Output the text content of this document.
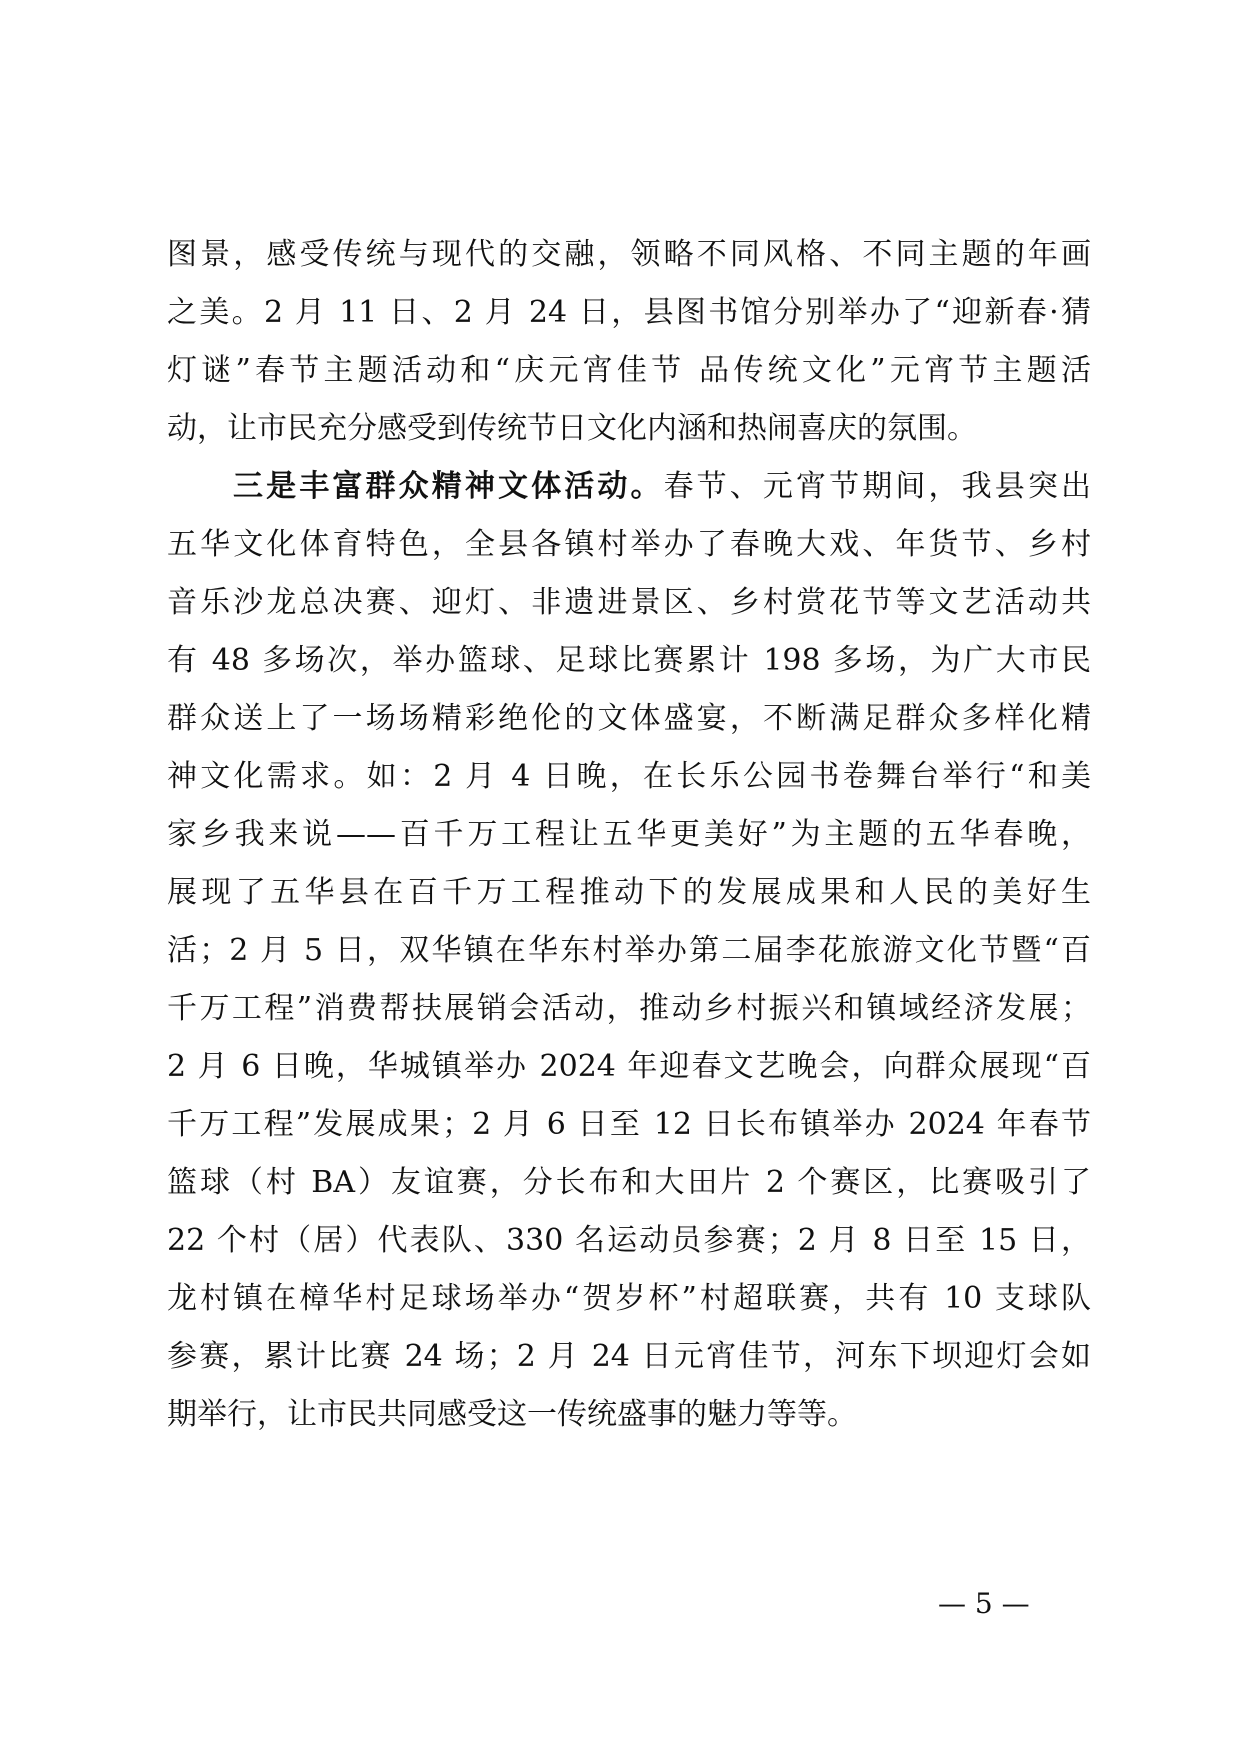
图景，感受传统与现代的交融，领略不同风格、不同主题的年画
之美。2 月 11 日、2 月 24 日，县图书馆分别举办了“迎新春·猜
灯谜”春节主题活动和“庆元宵佳节 品传统文化”元宵节主题活
动，让市民充分感受到传统节日文化内涵和热闹喜庆的氛围。
三是丰富群众精神文体活动。春节、元宵节期间，我县突出
五华文化体育特色，全县各镇村举办了春晚大戏、年货节、乡村
音乐沙龙总决赛、迎灯、非遗进景区、乡村赏花节等文艺活动共
有 48 多场次，举办篮球、足球比赛累计 198 多场，为广大市民
群众送上了一场场精彩绝伦的文体盛宴，不断满足群众多样化精
神文化需求。如：2 月 4 日晚，在长乐公园书卷舞台举行“和美
家乡我来说——百千万工程让五华更美好”为主题的五华春晚，
展现了五华县在百千万工程推动下的发展成果和人民的美好生
活；2 月 5 日，双华镇在华东村举办第二届李花旅游文化节暨“百
千万工程”消费帮扶展销会活动，推动乡村振兴和镇域经济发展；
2 月 6 日晚，华城镇举办 2024 年迎春文艺晚会，向群众展现“百
千万工程”发展成果；2 月 6 日至 12 日长布镇举办 2024 年春节
篮球（村 BA）友谊赛，分长布和大田片 2 个赛区，比赛吸引了
22 个村（居）代表队、330 名运动员参赛；2 月 8 日至 15 日，
龙村镇在樟华村足球场举办“贺岁杯”村超联赛，共有 10 支球队
参赛，累计比赛 24 场；2 月 24 日元宵佳节，河东下坝迎灯会如
期举行，让市民共同感受这一传统盛事的魅力等等。
— 5 —
